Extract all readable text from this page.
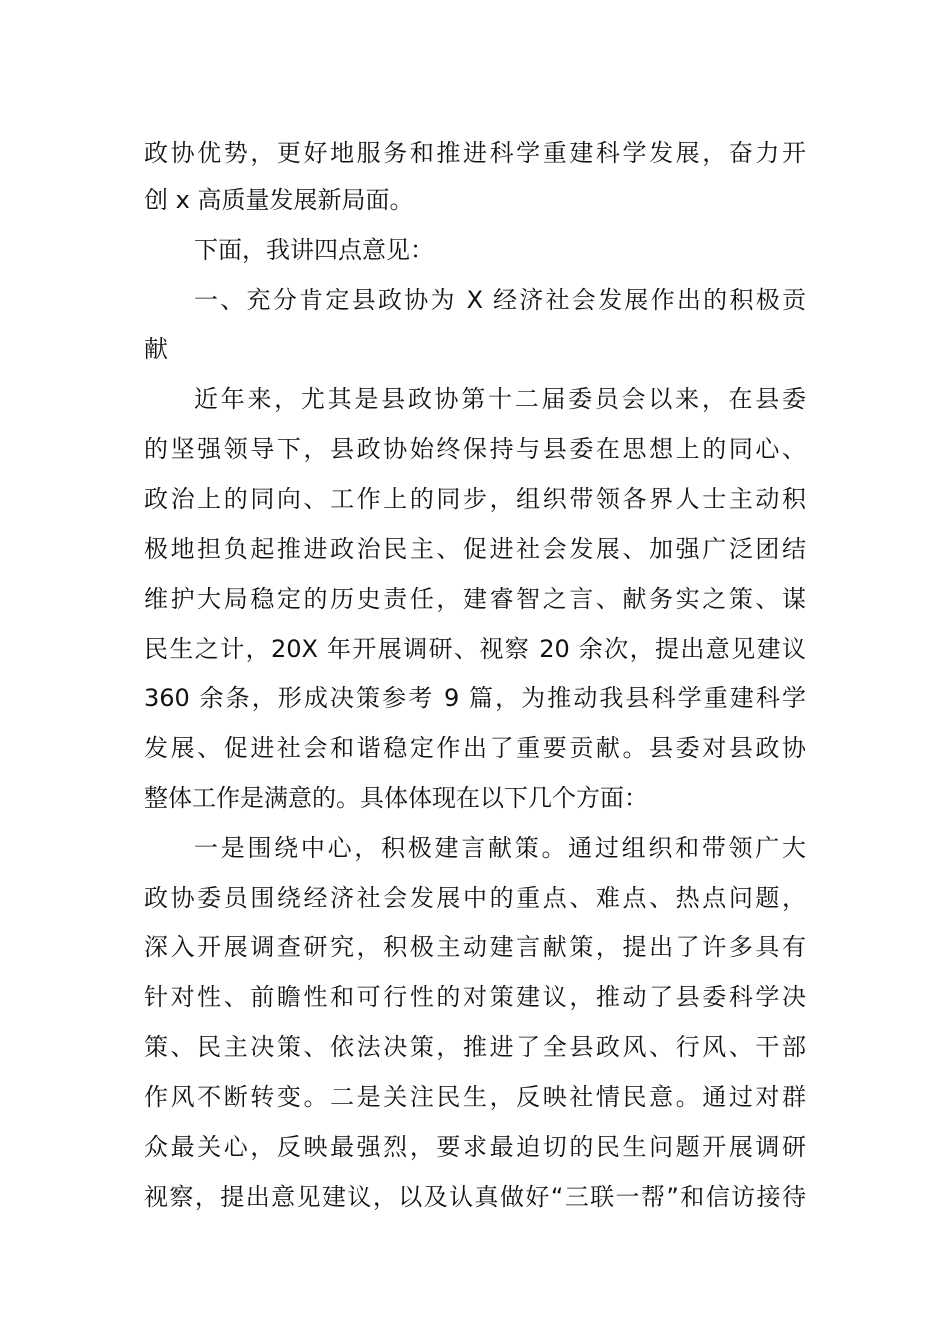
政协优势，更好地服务和推进科学重建科学发展，奋力开
创 x 高质量发展新局面。
下面，我讲四点意见：
一、充分肯定县政协为 X 经济社会发展作出的积极贡
献
近年来，尤其是县政协第十二届委员会以来，在县委
的坚强领导下，县政协始终保持与县委在思想上的同心、
政治上的同向、工作上的同步，组织带领各界人士主动积
极地担负起推进政治民主、促进社会发展、加强广泛团结
维护大局稳定的历史责任，建睿智之言、献务实之策、谋
民生之计，20X 年开展调研、视察 20 余次，提出意见建议
360 余条，形成决策参考 9 篇，为推动我县科学重建科学
发展、促进社会和谐稳定作出了重要贡献。县委对县政协
整体工作是满意的。具体体现在以下几个方面：
一是围绕中心，积极建言献策。通过组织和带领广大
政协委员围绕经济社会发展中的重点、难点、热点问题，
深入开展调查研究，积极主动建言献策，提出了许多具有
针对性、前瞻性和可行性的对策建议，推动了县委科学决
策、民主决策、依法决策，推进了全县政风、行风、干部
作风不断转变。二是关注民生，反映社情民意。通过对群
众最关心，反映最强烈，要求最迫切的民生问题开展调研
视察，提出意见建议，以及认真做好“三联一帮”和信访接待
